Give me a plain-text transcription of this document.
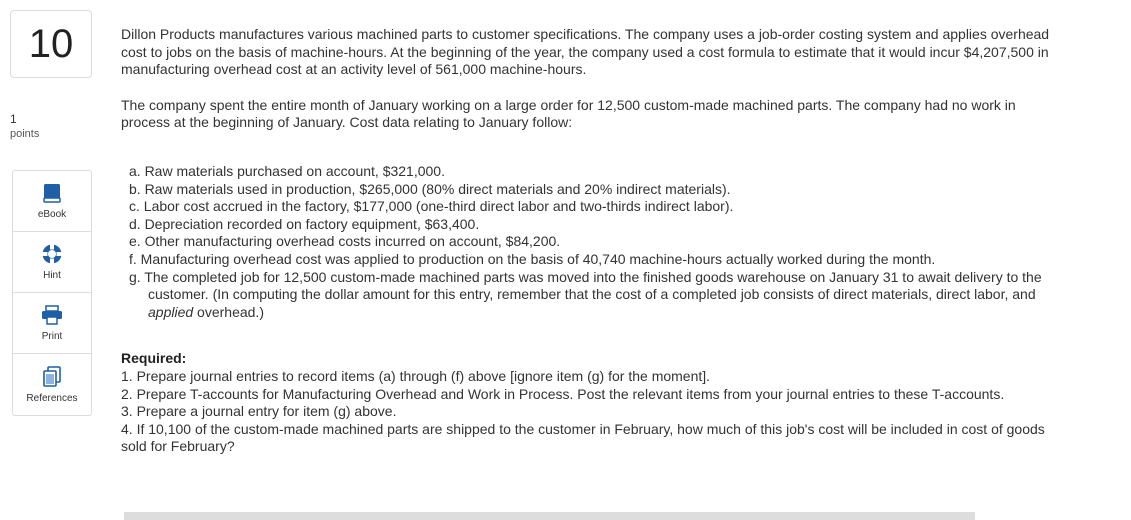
10
1
points
eBook
Hint
Print
References

Dillon Products manufactures various machined parts to customer specifications. The company uses a job-order costing system and applies overhead cost to jobs on the basis of machine-hours. At the beginning of the year, the company used a cost formula to estimate that it would incur $4,207,500 in manufacturing overhead cost at an activity level of 561,000 machine-hours.

The company spent the entire month of January working on a large order for 12,500 custom-made machined parts. The company had no work in process at the beginning of January. Cost data relating to January follow:

a. Raw materials purchased on account, $321,000.
b. Raw materials used in production, $265,000 (80% direct materials and 20% indirect materials).
c. Labor cost accrued in the factory, $177,000 (one-third direct labor and two-thirds indirect labor).
d. Depreciation recorded on factory equipment, $63,400.
e. Other manufacturing overhead costs incurred on account, $84,200.
f. Manufacturing overhead cost was applied to production on the basis of 40,740 machine-hours actually worked during the month.
g. The completed job for 12,500 custom-made machined parts was moved into the finished goods warehouse on January 31 to await delivery to the customer. (In computing the dollar amount for this entry, remember that the cost of a completed job consists of direct materials, direct labor, and applied overhead.)

Required:
1. Prepare journal entries to record items (a) through (f) above [ignore item (g) for the moment].
2. Prepare T-accounts for Manufacturing Overhead and Work in Process. Post the relevant items from your journal entries to these T-accounts.
3. Prepare a journal entry for item (g) above.
4. If 10,100 of the custom-made machined parts are shipped to the customer in February, how much of this job's cost will be included in cost of goods sold for February?
